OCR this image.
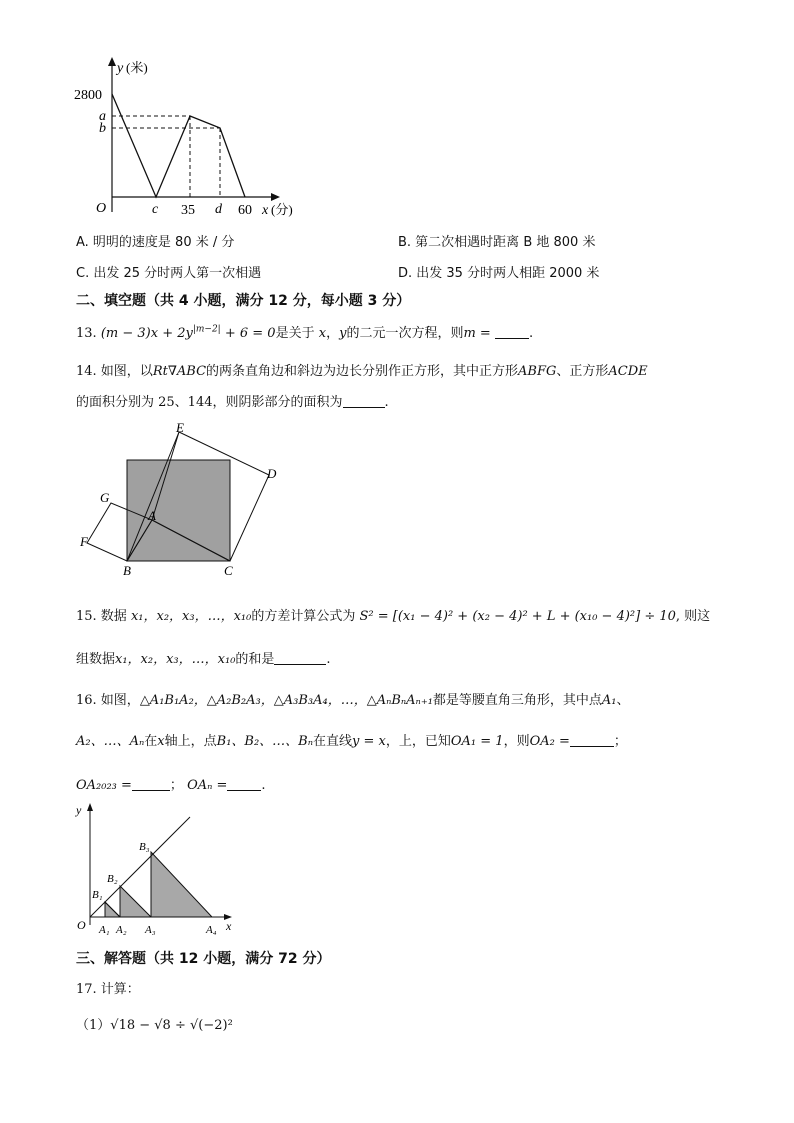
y (米)
2800
a
b
O	c 35 d 60 x (分)
A. 明明的速度是 80 米 / 分	B. 第二次相遇时距离 B 地 800 米
C. 出发 25 分时两人第一次相遇	D. 出发 35 分时两人相距 2000 米
二、填空题（共 4 小题，满分 12 分，每小题 3 分）
13. $(m - 3)x + 2y^{|m-2|} + 6 = 0$是关于 x，y的二元一次方程，则m =	.
14. 如图，以Rt∇ABC的两条直角边和斜边为边长分别作正方形，其中正方形ABFG、正方形ACDE
的面积分别为 25、144，则阴影部分的面积为	.
E
D
G
A
F
B	C
15. 数据 x₁，x₂，x₃，…，x₁₀的方差计算公式为 S² = [(x₁ − 4)² + (x₂ − 4)² + L + (x₁₀ − 4)²] ÷ 10, 则这
组数据x₁，x₂，x₃，…，x₁₀的和是	.
16. 如图，△A₁B₁A₂，△A₂B₂A₃，△A₃B₃A₄，…，△AₙBₙAₙ₊₁都是等腰直角三角形，其中点A₁、
A₂、…、Aₙ在x轴上，点B₁、B₂、…、Bₙ在直线y = x，上，已知OA₁ = 1，则OA₂ =	；
OA₂₀₂₃ =	； OAₙ =	.
y
x
O
B₁
B₂
B₃
A₁ A₂ A₃	A₄
三、解答题（共 12 小题，满分 72 分）
17. 计算：
（1）√18 − √8 ÷ √(−2)²
